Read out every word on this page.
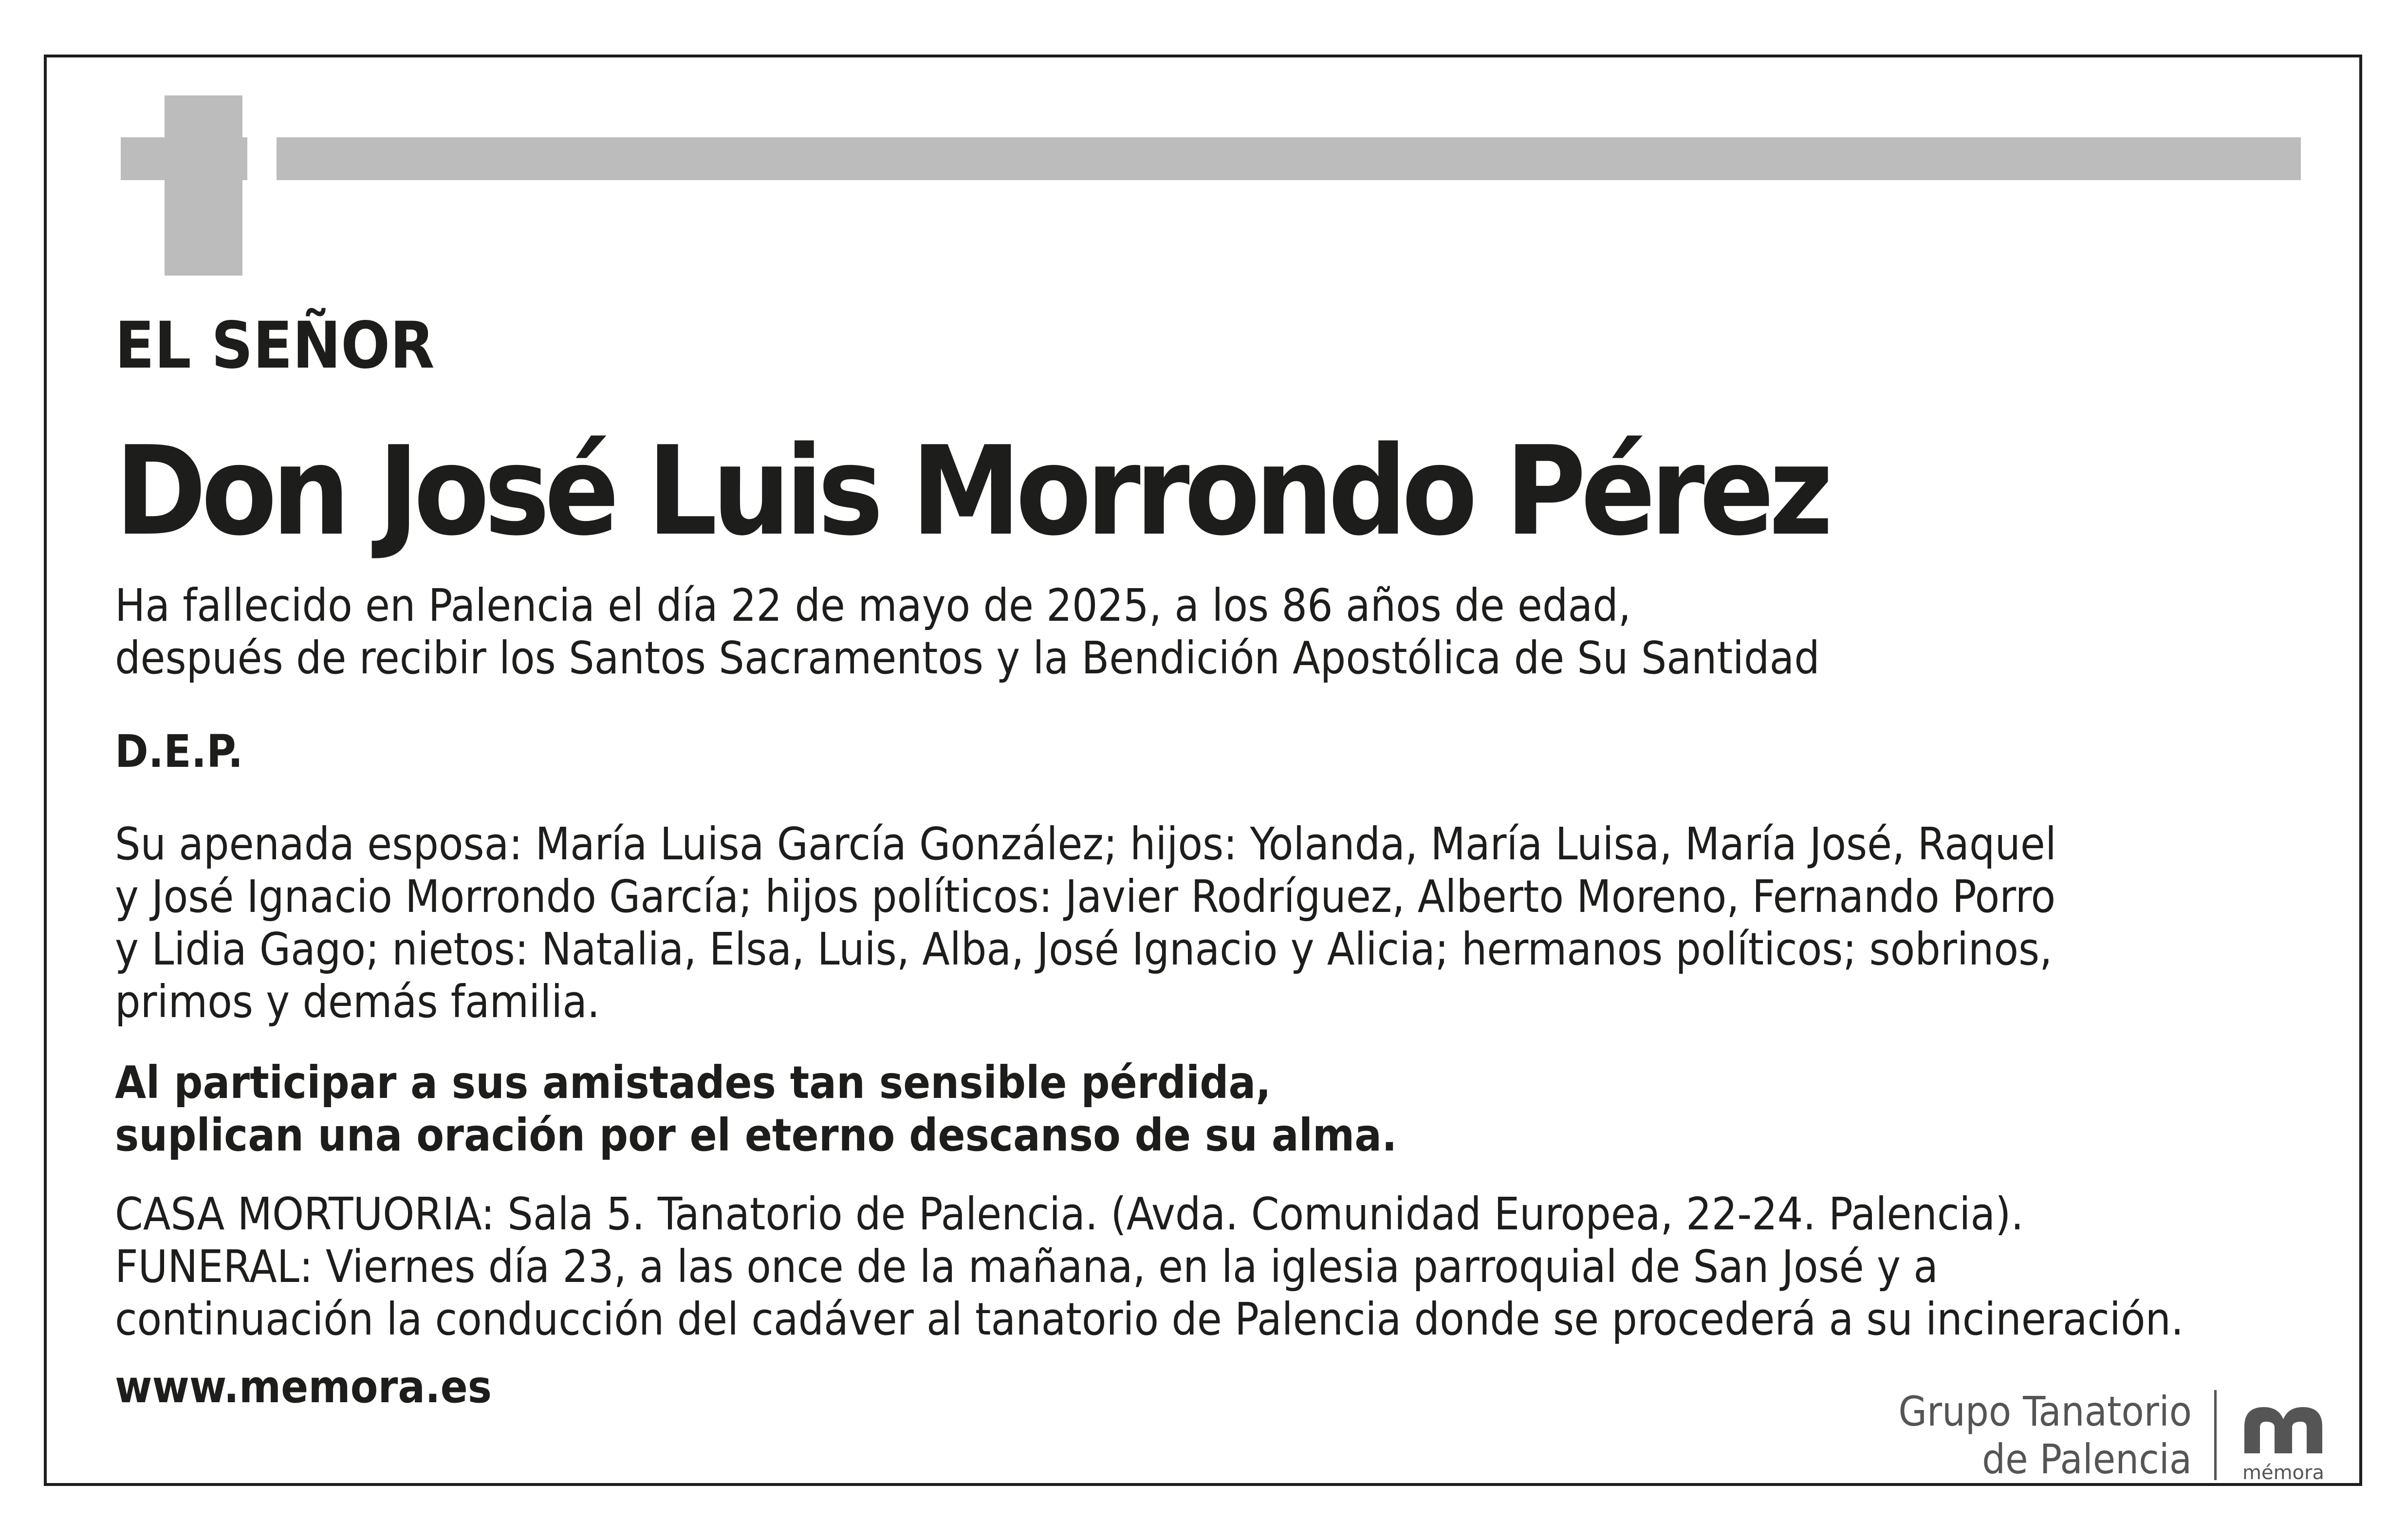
EL SEÑOR

Don José Luis Morrondo Pérez

Ha fallecido en Palencia el día 22 de mayo de 2025, a los 86 años de edad,
después de recibir los Santos Sacramentos y la Bendición Apostólica de Su Santidad

D.E.P.

Su apenada esposa: María Luisa García González; hijos: Yolanda, María Luisa, María José, Raquel
y José Ignacio Morrondo García; hijos políticos: Javier Rodríguez, Alberto Moreno, Fernando Porro
y Lidia Gago; nietos: Natalia, Elsa, Luis, Alba, José Ignacio y Alicia; hermanos políticos; sobrinos,
primos y demás familia.

Al participar a sus amistades tan sensible pérdida,
suplican una oración por el eterno descanso de su alma.

CASA MORTUORIA: Sala 5. Tanatorio de Palencia. (Avda. Comunidad Europea, 22-24. Palencia).
FUNERAL: Viernes día 23, a las once de la mañana, en la iglesia parroquial de San José y a
continuación la conducción del cadáver al tanatorio de Palencia donde se procederá a su incineración.

www.memora.es	Grupo Tanatorio
de Palencia	mémora
